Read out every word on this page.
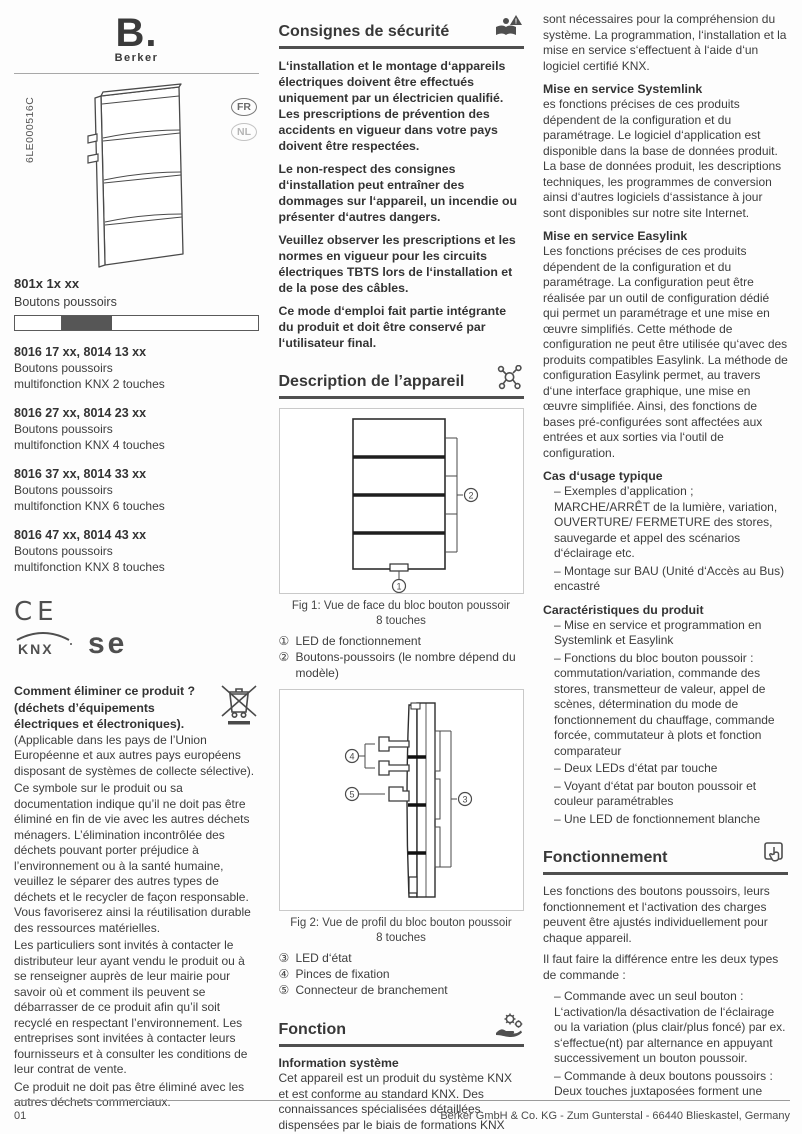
6LE000516C
B.
Berker
FR
NL
801x 1x xx
Boutons poussoirs
8016 17 xx, 8014 13 xx
Boutons poussoirs
multifonction KNX 2 touches
8016 27 xx, 8014 23 xx
Boutons poussoirs
multifonction KNX 4 touches
8016 37 xx, 8014 33 xx
Boutons poussoirs
multifonction KNX 6 touches
8016 47 xx, 8014 43 xx
Boutons poussoirs
multifonction KNX 8 touches
CE
KNX se
Comment éliminer ce produit ? (déchets d’équipements électriques et électroniques).
(Applicable dans les pays de l’Union Européenne et aux autres pays européens disposant de systèmes de collecte sélective).
Ce symbole sur le produit ou sa documentation indique qu’il ne doit pas être éliminé en fin de vie avec les autres déchets ménagers. L’élimination incontrôlée des déchets pouvant porter préjudice à l’environnement ou à la santé humaine, veuillez le séparer des autres types de déchets et le recycler de façon responsable. Vous favoriserez ainsi la réutilisation durable des ressources matérielles.
Les particuliers sont invités à contacter le distributeur leur ayant vendu le produit ou à se renseigner auprès de leur mairie pour savoir où et comment ils peuvent se débarrasser de ce produit afin qu’il soit recyclé en respectant l’environnement. Les entreprises sont invitées à contacter leurs fournisseurs et à consulter les conditions de leur contrat de vente.
Ce produit ne doit pas être éliminé avec les autres déchets commerciaux.
Consignes de sécurité
!
L‘installation et le montage d‘appareils électriques doivent être effectués uniquement par un électricien qualifié. Les prescriptions de prévention des accidents en vigueur dans votre pays doivent être respectées.
Le non-respect des consignes d‘installation peut entraîner des dommages sur l‘appareil, un incendie ou présenter d‘autres dangers.
Veuillez observer les prescriptions et les normes en vigueur pour les circuits électriques TBTS lors de l‘installation et de la pose des câbles.
Ce mode d‘emploi fait partie intégrante du produit et doit être conservé par l‘utilisateur final.
Description de l’appareil
1
2
Fig 1: Vue de face du bloc bouton poussoir
8 touches
① LED de fonctionnement
② Boutons-poussoirs (le nombre dépend du modèle)
4
5	3
Fig 2: Vue de profil du bloc bouton poussoir
8 touches
③ LED d‘état
④ Pinces de fixation
⑤ Connecteur de branchement
Fonction
Information système
Cet appareil est un produit du système KNX et est conforme au standard KNX. Des connaissances spécialisées détaillées dispensées par le biais de formations KNX
sont nécessaires pour la compréhension du système. La programmation, l‘installation et la mise en service s‘effectuent à l‘aide d‘un logiciel certifié KNX.
Mise en service Systemlink
es fonctions précises de ces produits dépendent de la configuration et du paramétrage. Le logiciel d‘application est disponible dans la base de données produit. La base de données produit, les descriptions techniques, les programmes de conversion ainsi d‘autres logiciels d‘assistance à jour sont disponibles sur notre site Internet.
Mise en service Easylink
Les fonctions précises de ces produits dépendent de la configuration et du paramétrage. La configuration peut être réalisée par un outil de configuration dédié qui permet un paramétrage et une mise en œuvre simplifiés. Cette méthode de configuration ne peut être utilisée qu‘avec des produits compatibles Easylink. La méthode de configuration Easylink permet, au travers d‘une interface graphique, une mise en œuvre simplifiée. Ainsi, des fonctions de bases pré-configurées sont affectées aux entrées et aux sorties via l‘outil de configuration.
Cas d‘usage typique
– Exemples d’application ; MARCHE/ARRÊT de la lumière, variation, OUVERTURE/ FERMETURE des stores, sauvegarde et appel des scénarios d‘éclairage etc.
– Montage sur BAU (Unité d‘Accès au Bus) encastré
Caractéristiques du produit
– Mise en service et programmation en Systemlink et Easylink
– Fonctions du bloc bouton poussoir : commutation/variation, commande des stores, transmetteur de valeur, appel de scènes, détermination du mode de fonctionnement du chauffage, commande forcée, commutateur à plots et fonction comparateur
– Deux LEDs d‘état par touche
– Voyant d‘état par bouton poussoir et couleur paramétrables
– Une LED de fonctionnement blanche
Fonctionnement
Les fonctions des boutons poussoirs, leurs fonctionnement et l‘activation des charges peuvent être ajustés individuellement pour chaque appareil.
Il faut faire la différence entre les deux types de commande :
– Commande avec un seul bouton : L‘activation/la désactivation de l‘éclairage ou la variation (plus clair/plus foncé) par ex. s‘effectue(nt) par alternance en appuyant successivement un bouton poussoir.
– Commande à deux boutons poussoirs : Deux touches juxtaposées forment une
01	Berker GmbH & Co. KG - Zum Gunterstal - 66440 Blieskastel, Germany
